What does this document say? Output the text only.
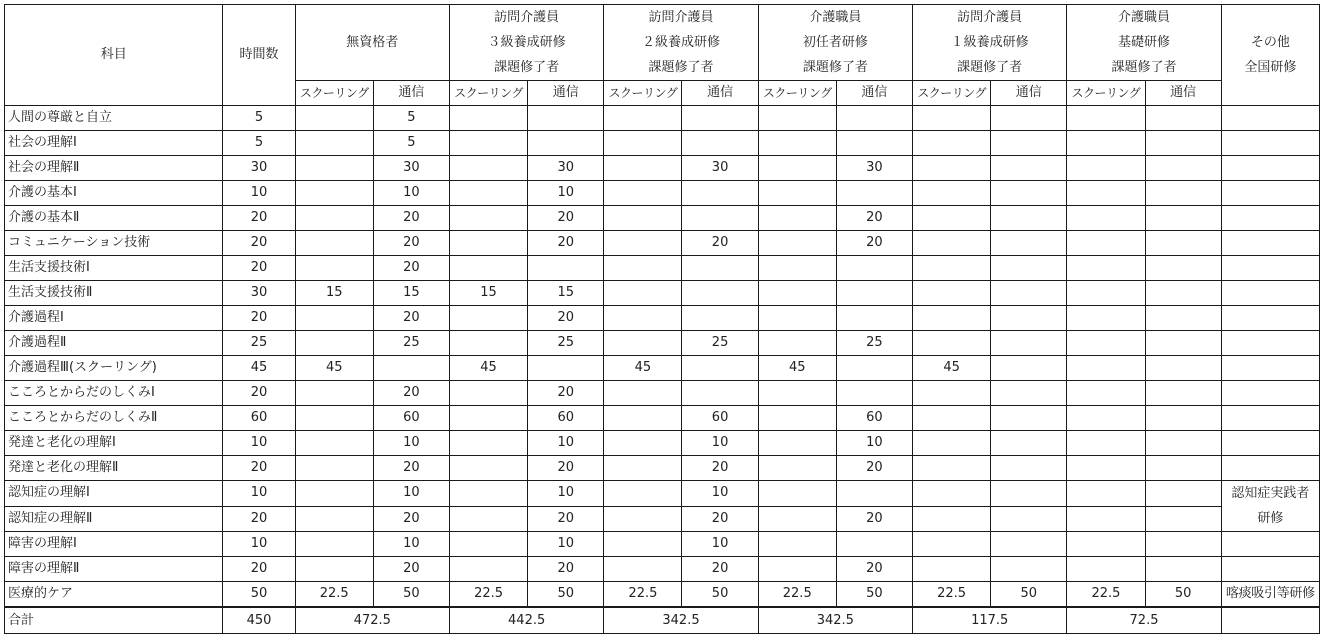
科目	時間数	無資格者		訪問介護員
３級養成研修
課題修了者		訪問介護員
２級養成研修
課題修了者		介護職員
初任者研修
課題修了者		訪問介護員
１級養成研修
課題修了者		介護職員
基礎研修
課題修了者		その他
全国研修

		スクーリング	通信	スクーリング	通信	スクーリング	通信	スクーリング	通信	スクーリング	通信	スクーリング	通信	
人間の尊厳と自立	5		5											
社会の理解Ⅰ	5		5											
社会の理解Ⅱ	30		30		30		30		30					
介護の基本Ⅰ	10		10		10									
介護の基本Ⅱ	20		20		20				20					
コミュニケーション技術	20		20		20		20		20					
生活支援技術Ⅰ	20		20											
生活支援技術Ⅱ	30	15	15	15	15									
介護過程Ⅰ	20		20		20									
介護過程Ⅱ	25		25		25		25		25					
介護過程Ⅲ(スクーリング)	45	45		45		45		45		45				
こころとからだのしくみⅠ	20		20		20									
こころとからだのしくみⅡ	60		60		60		60		60					
発達と老化の理解Ⅰ	10		10		10		10		10					
発達と老化の理解Ⅱ	20		20		20		20		20					
認知症の理解Ⅰ	10		10		10		10							認知症実践者
研修

認知症の理解Ⅱ	20		20		20		20		20					
障害の理解Ⅰ	10		10		10		10							
障害の理解Ⅱ	20		20		20		20		20					
医療的ケア	50	22.5	50	22.5	50	22.5	50	22.5	50	22.5	50	22.5	50	喀痰吸引等研修
合計	450	472.5		442.5		342.5		342.5		117.5		72.5		
